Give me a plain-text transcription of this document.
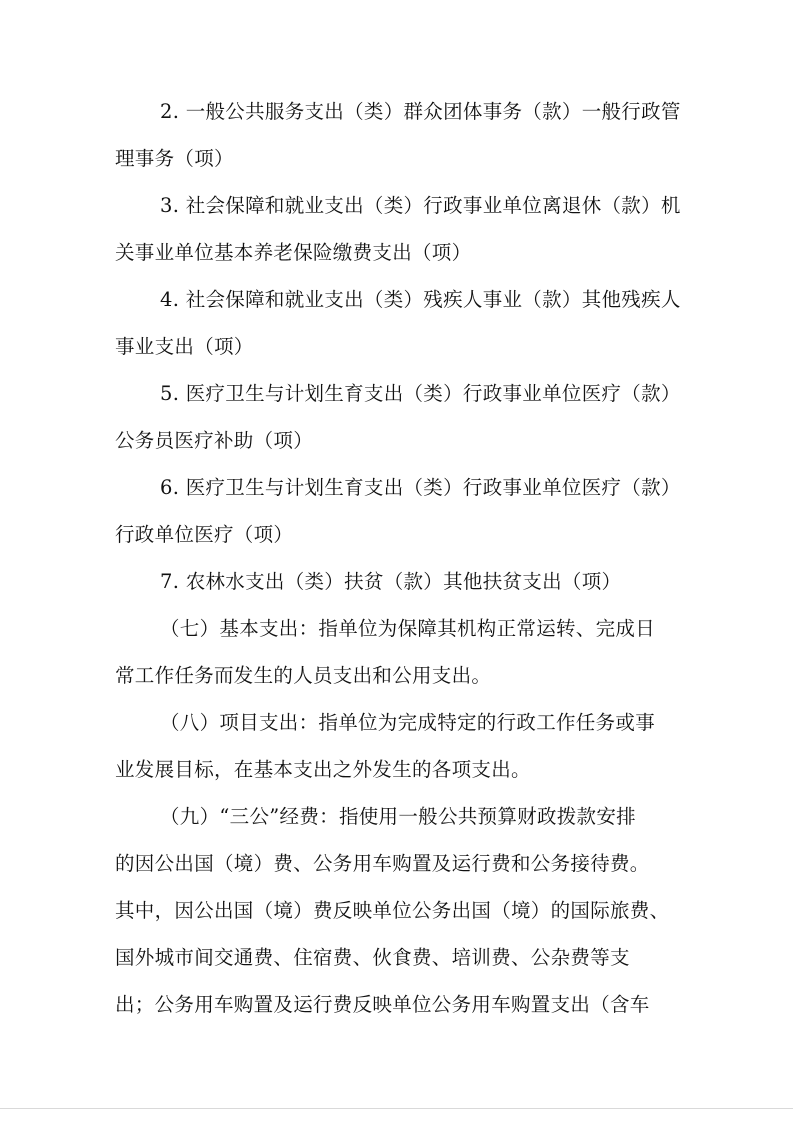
2. 一般公共服务支出（类）群众团体事务（款）一般行政管
理事务（项）

3. 社会保障和就业支出（类）行政事业单位离退休（款）机
关事业单位基本养老保险缴费支出（项）

4. 社会保障和就业支出（类）残疾人事业（款）其他残疾人
事业支出（项）

5. 医疗卫生与计划生育支出（类）行政事业单位医疗（款）
公务员医疗补助（项）

6. 医疗卫生与计划生育支出（类）行政事业单位医疗（款）
行政单位医疗（项）

7. 农林水支出（类）扶贫（款）其他扶贫支出（项）

（七）基本支出：指单位为保障其机构正常运转、完成日
常工作任务而发生的人员支出和公用支出。

（八）项目支出：指单位为完成特定的行政工作任务或事
业发展目标，在基本支出之外发生的各项支出。

（九）“三公”经费：指使用一般公共预算财政拨款安排
的因公出国（境）费、公务用车购置及运行费和公务接待费。
其中，因公出国（境）费反映单位公务出国（境）的国际旅费、
国外城市间交通费、住宿费、伙食费、培训费、公杂费等支
出；公务用车购置及运行费反映单位公务用车购置支出（含车
